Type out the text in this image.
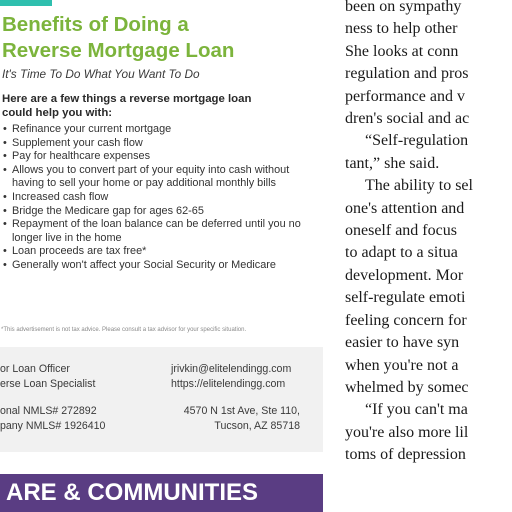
Benefits of Doing a
Reverse Mortgage Loan

It's Time To Do What You Want To Do

Here are a few things a reverse mortgage loan
could help you with:

• Refinance your current mortgage
• Supplement your cash flow
• Pay for healthcare expenses
• Allows you to convert part of your equity into cash without having to sell your home or pay additional monthly bills
• Increased cash flow
• Bridge the Medicare gap for ages 62-65
• Repayment of the loan balance can be deferred until you no longer live in the home
• Loan proceeds are tax free*
• Generally won't affect your Social Security or Medicare

*This advertisement is not tax advice. Please consult a tax advisor for your specific situation.

or Loan Officer
erse Loan Specialist
jrivkin@elitelendingg.com
https://elitelendingg.com
onal NMLS# 272892
pany NMLS# 1926410
4570 N 1st Ave, Ste 110,
Tucson, AZ 85718
ARE & COMMUNITIES

been on sympathy

ness to help other

She looks at conn

regulation and pros

performance and v

dren's social and ac

“Self-regulation

tant,” she said.

The ability to sel

one's attention and

oneself and focus

to adapt to a situa

development. Mor

self-regulate emoti

feeling concern for

easier to have syn

when you're not a

whelmed by somec

“If you can't ma

you're also more lil

toms of depression
